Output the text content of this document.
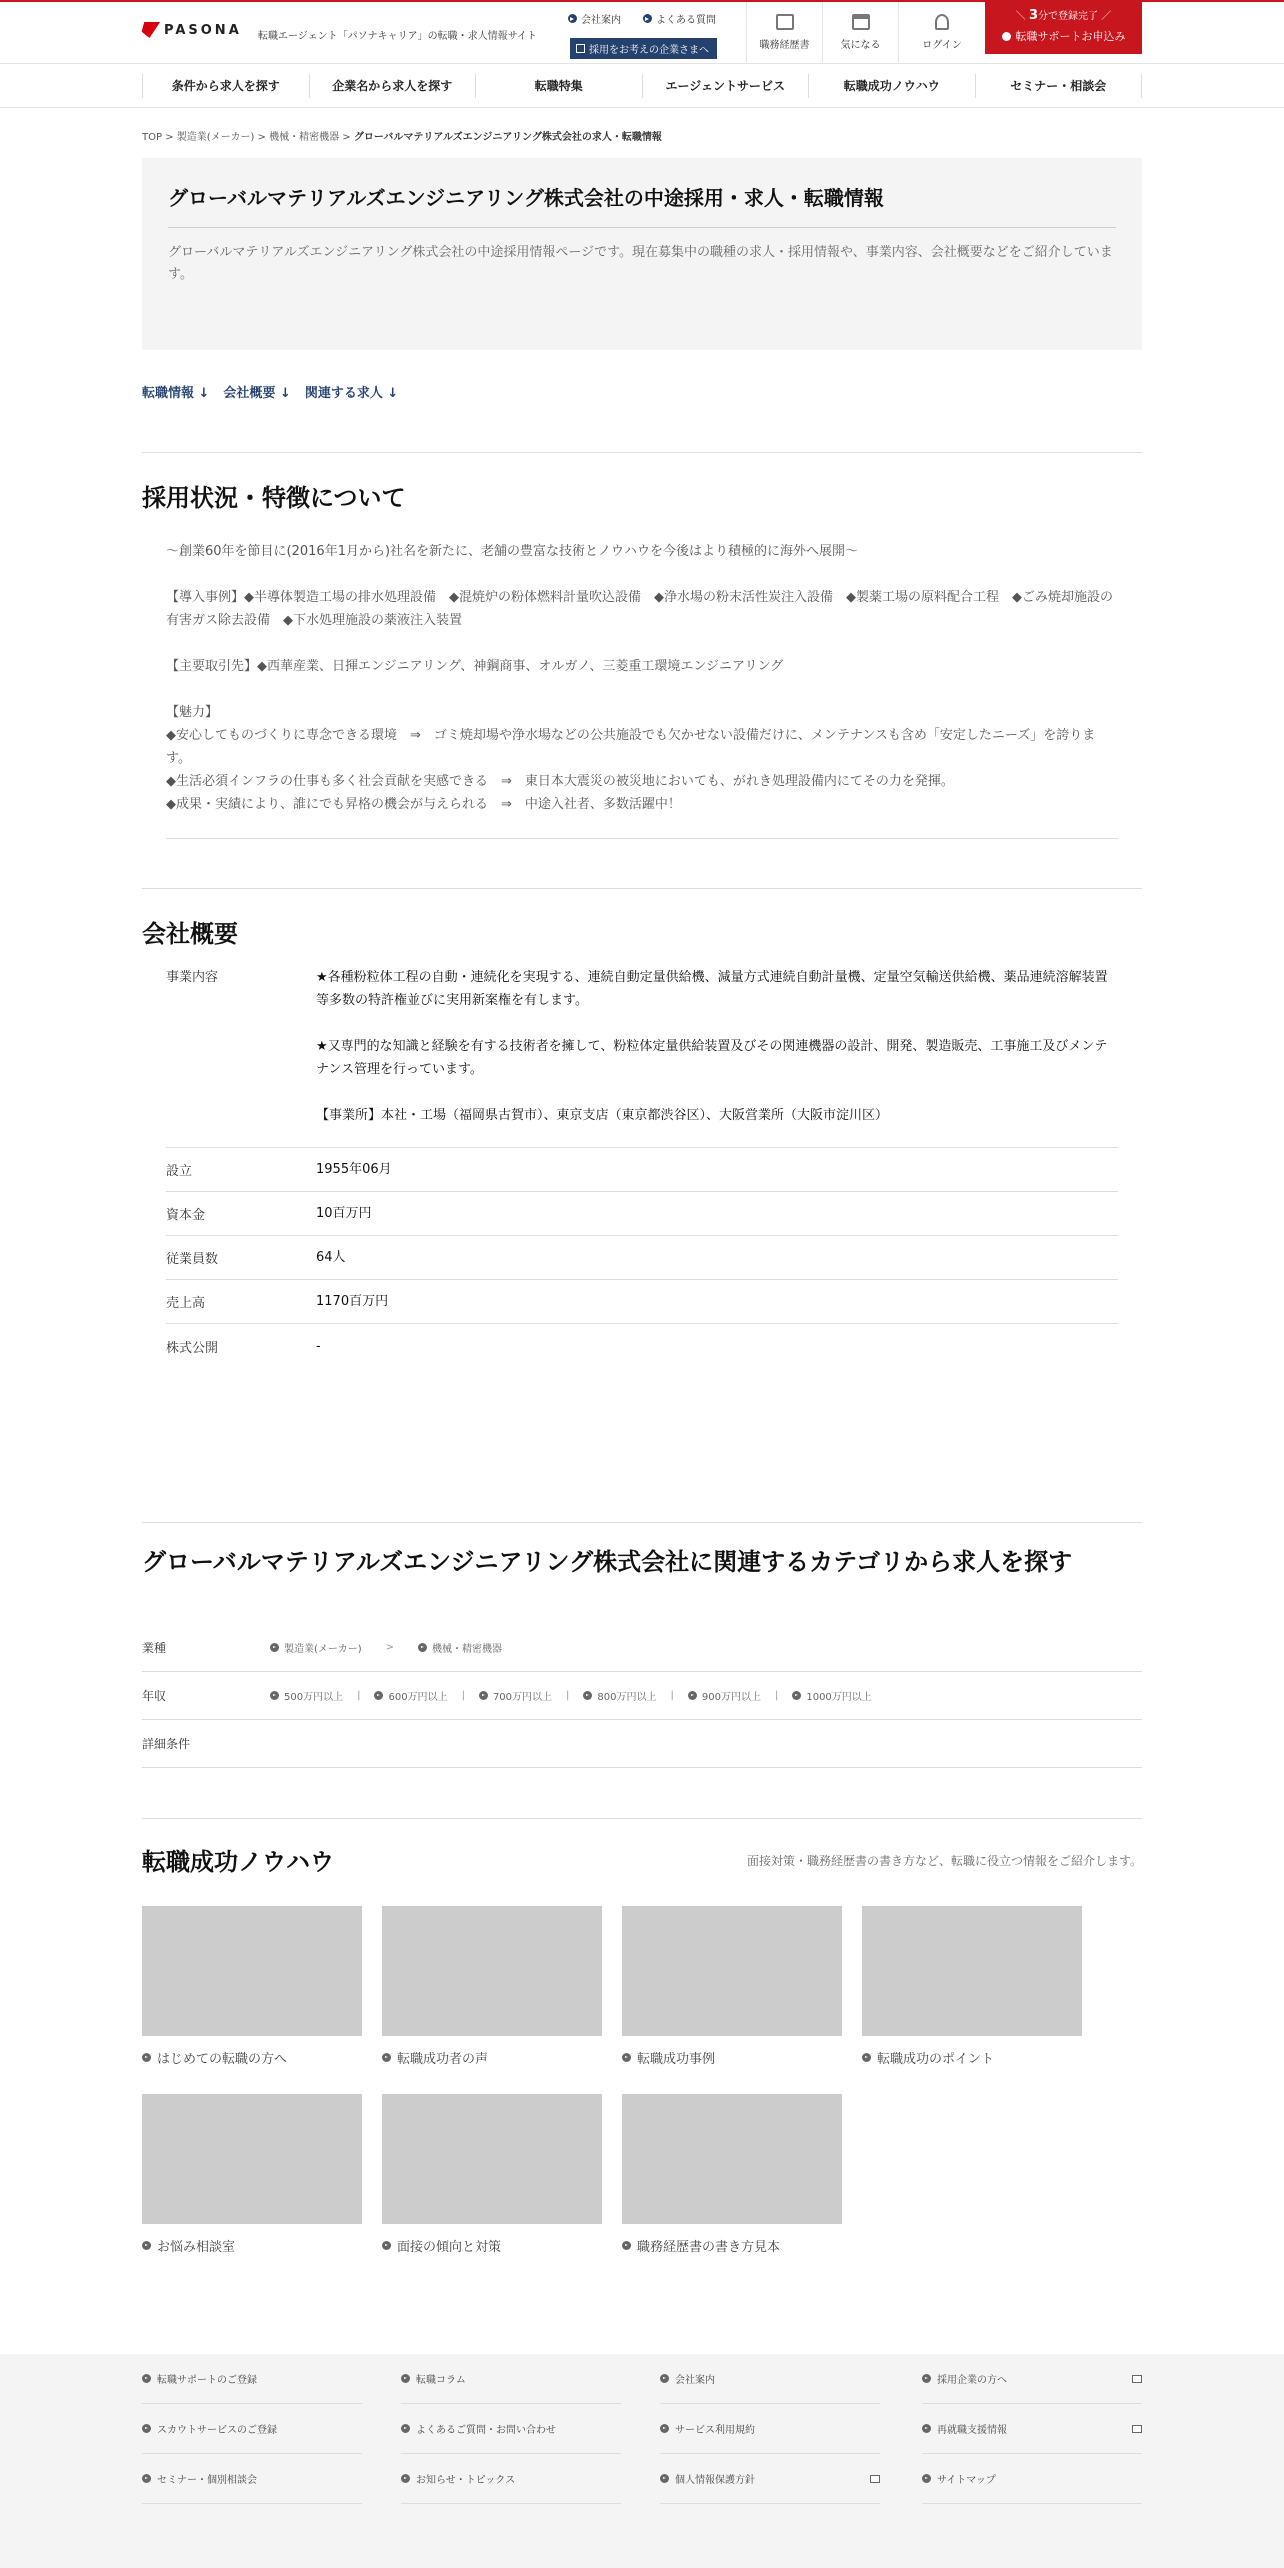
PASONA 転職エージェント「パソナキャリア」の転職・求人情報サイト
会社案内	よくある質問
採用をお考えの企業さまへ	職務経歴書	気になる	ログイン
＼ 3分で登録完了 ／
転職サポートお申込み
条件から求人を探す	企業名から求人を探す	転職特集	エージェントサービス	転職成功ノウハウ	セミナー・相談会
TOP > 製造業(メーカー) > 機械・精密機器 > グローバルマテリアルズエンジニアリング株式会社の求人・転職情報
グローバルマテリアルズエンジニアリング株式会社の中途採用・求人・転職情報

グローバルマテリアルズエンジニアリング株式会社の中途採用情報ページです。現在募集中の職種の求人・採用情報や、事業内容、会社概要などをご紹介しています。

転職情報 ↓ 会社概要 ↓ 関連する求人 ↓
採用状況・特徴について

～創業60年を節目に(2016年1月から)社名を新たに、老舗の豊富な技術とノウハウを今後はより積極的に海外へ展開～

【導入事例】◆半導体製造工場の排水処理設備　◆混焼炉の粉体燃料計量吹込設備　◆浄水場の粉末活性炭注入設備　◆製薬工場の原料配合工程　◆ごみ焼却施設の有害ガス除去設備　◆下水処理施設の薬液注入装置

【主要取引先】◆西華産業、日揮エンジニアリング、神鋼商事、オルガノ、三菱重工環境エンジニアリング

【魅力】
◆安心してものづくりに専念できる環境　⇒　ゴミ焼却場や浄水場などの公共施設でも欠かせない設備だけに、メンテナンスも含め「安定したニーズ」を誇ります。
◆生活必須インフラの仕事も多く社会貢献を実感できる　⇒　東日本大震災の被災地においても、がれき処理設備内にてその力を発揮。
◆成果・実績により、誰にでも昇格の機会が与えられる　⇒　中途入社者、多数活躍中！

会社概要
事業内容	★各種粉粒体工程の自動・連続化を実現する、連続自動定量供給機、減量方式連続自動計量機、定量空気輸送供給機、薬品連続溶解装置等多数の特許権並びに実用新案権を有します。

★又専門的な知識と経験を有する技術者を擁して、粉粒体定量供給装置及びその関連機器の設計、開発、製造販売、工事施工及びメンテナンス管理を行っています。

【事業所】本社・工場（福岡県古賀市）、東京支店（東京都渋谷区）、大阪営業所（大阪市淀川区）

設立	1955年06月
資本金	10百万円
従業員数	64人
売上高	1170百万円
株式公開	-
グローバルマテリアルズエンジニアリング株式会社に関連するカテゴリから求人を探す
業種	製造業(メーカー) >	機械・精密機器
年収	500万円以上 |	600万円以上 |	700万円以上 |	800万円以上 |	900万円以上 |	1000万円以上
詳細条件
転職成功ノウハウ	面接対策・職務経歴書の書き方など、転職に役立つ情報をご紹介します。
はじめての転職の方へ	転職成功者の声	転職成功事例	転職成功のポイント
お悩み相談室	面接の傾向と対策	職務経歴書の書き方見本
転職サポートのご登録
スカウトサービスのご登録
セミナー・個別相談会
転職コラム
よくあるご質問・お問い合わせ
お知らせ・トピックス
会社案内
サービス利用規約
個人情報保護方針
採用企業の方へ
再就職支援情報
サイトマップ
